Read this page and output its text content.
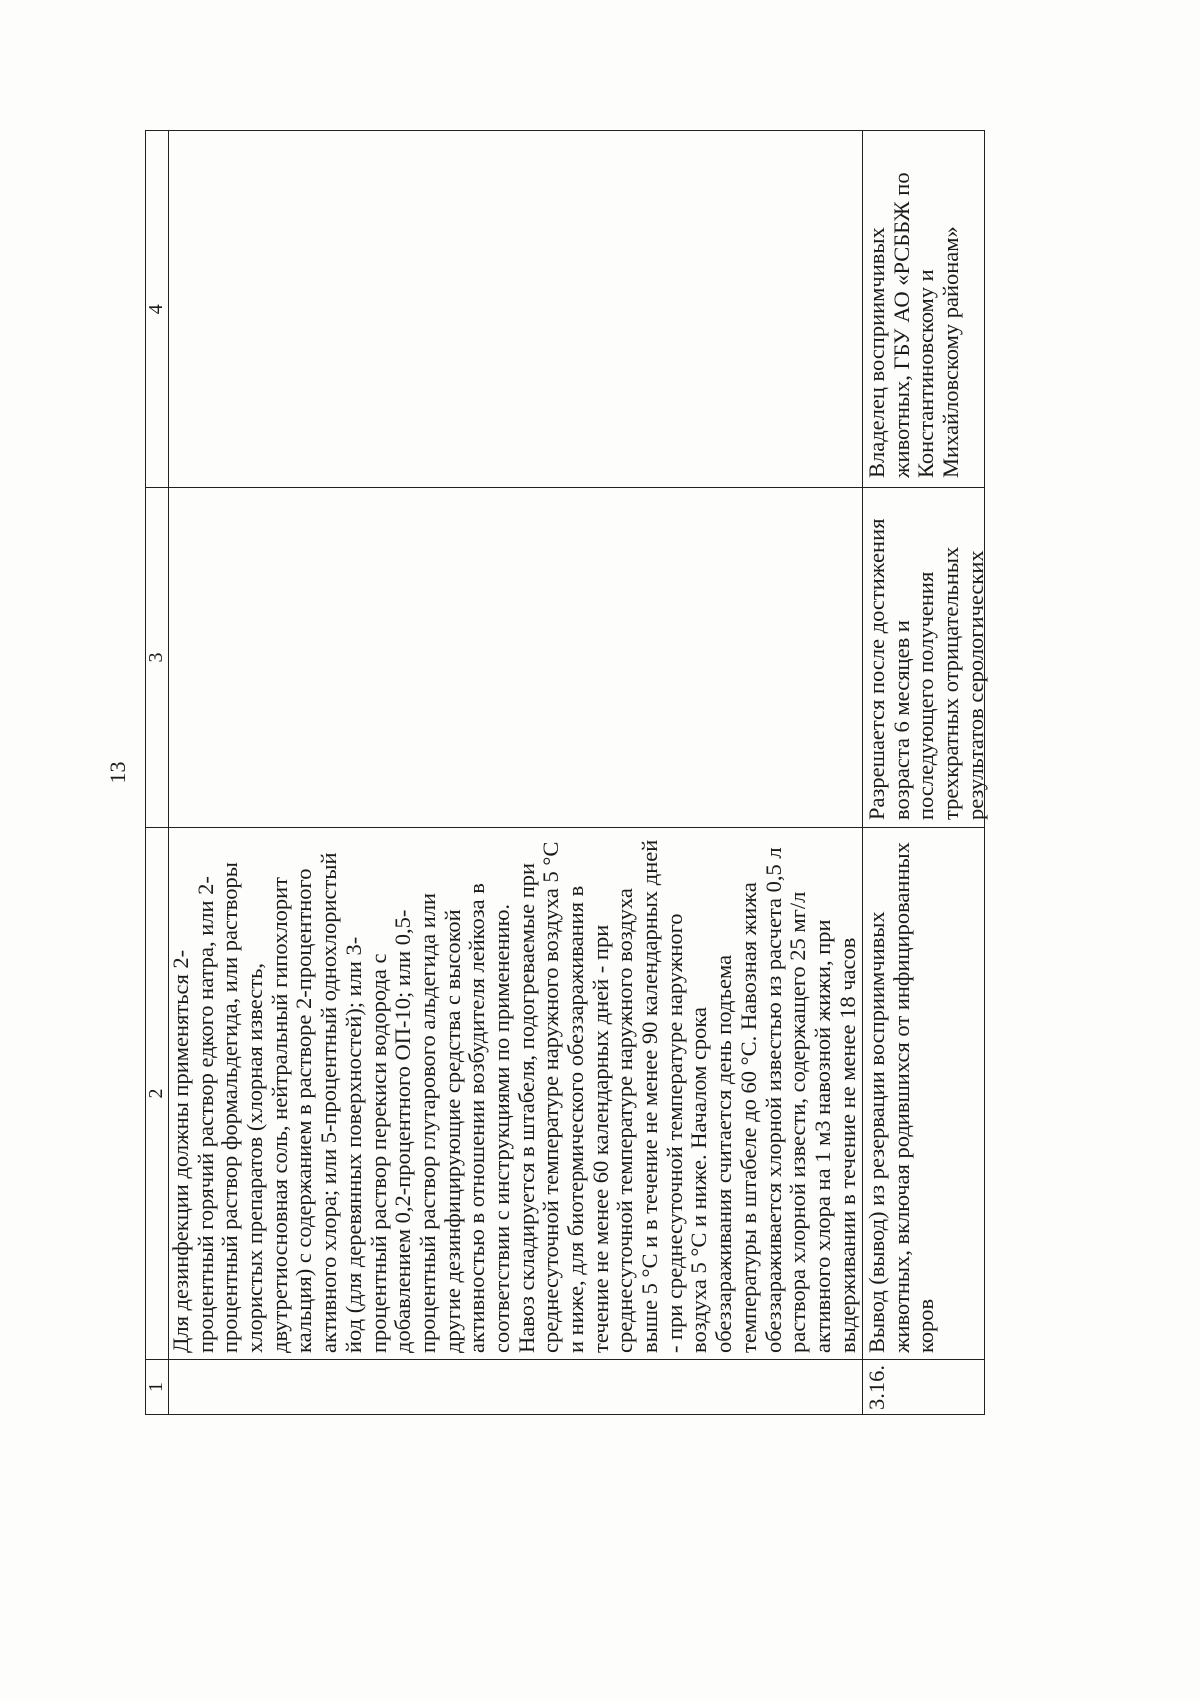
13
1
2
3
4
Для дезинфекции должны применяться 2- процентный горячий раствор едкого натра, или 2- процентный раствор формальдегида, или растворы хлористых препаратов (хлорная известь, двутретиосновная соль, нейтральный гипохлорит кальция) с содержанием в растворе 2-процентного активного хлора; или 5-процентный однохлористый йод (для деревянных поверхностей); или 3- процентный раствор перекиси водорода с добавлением 0,2-процентного ОП-10; или 0,5- процентный раствор глутарового альдегида или другие дезинфицирующие средства с высокой активностью в отношении возбудителя лейкоза в соответствии с инструкциями по применению. Навоз складируется в штабеля, подогреваемые при среднесуточной температуре наружного воздуха 5 °С и ниже, для биотермического обеззараживания в течение не менее 60 календарных дней - при среднесуточной температуре наружного воздуха выше 5 °С и в течение не менее 90 календарных дней - при среднесуточной температуре наружного воздуха 5 °С и ниже. Началом срока обеззараживания считается день подъема температуры в штабеле до 60 °С. Навозная жижа обеззараживается хлорной известью из расчета 0,5 л раствора хлорной извести, содержащего 25 мг/л активного хлора на 1 м3 навозной жижи, при выдерживании в течение не менее 18 часов
3.16.
Вывод (вывод) из резервации восприимчивых животных, включая родившихся от инфицированных коров
Разрешается после достижения возраста 6 месяцев и последующего получения трехкратных отрицательных результатов серологических
Владелец восприимчивых животных, ГБУ АО «РСББЖ по Константиновскому и Михайловскому районам»
